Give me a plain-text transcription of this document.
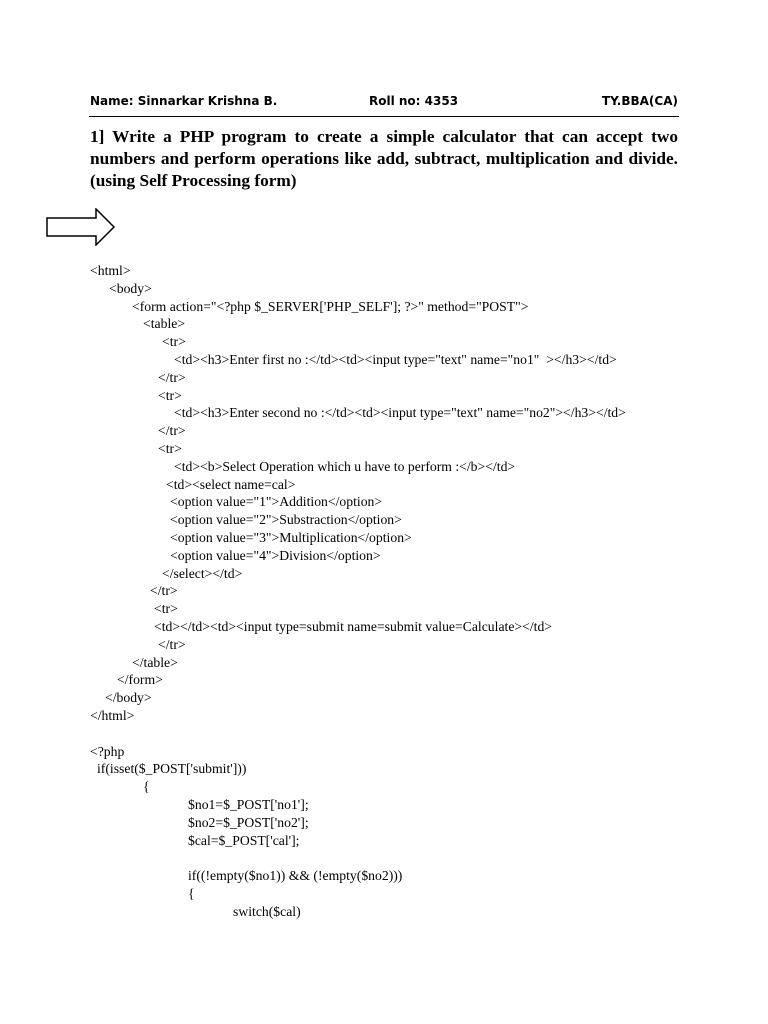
Name: Sinnarkar Krishna B.	Roll no: 4353	TY.BBA(CA)

1] Write a PHP program to create a simple calculator that can accept two

numbers and perform operations like add, subtract, multiplication and divide.

(using Self Processing form)

<html>
<body>
<form action="<?php $_SERVER['PHP_SELF']; ?>" method="POST">
<table>
<tr>
<td><h3>Enter first no :</td><td><input type="text" name="no1"  ></h3></td>
</tr>
<tr>
<td><h3>Enter second no :</td><td><input type="text" name="no2"></h3></td>
</tr>
<tr>
<td><b>Select Operation which u have to perform :</b></td>
<td><select name=cal>
<option value="1">Addition</option>
<option value="2">Substraction</option>
<option value="3">Multiplication</option>
<option value="4">Division</option>
</select></td>
</tr>
<tr>
<td></td><td><input type=submit name=submit value=Calculate></td>
</tr>
</table>
</form>
</body>
</html>
<?php
if(isset($_POST['submit']))
{
$no1=$_POST['no1'];
$no2=$_POST['no2'];
$cal=$_POST['cal'];
if((!empty($no1)) && (!empty($no2)))
{
switch($cal)
